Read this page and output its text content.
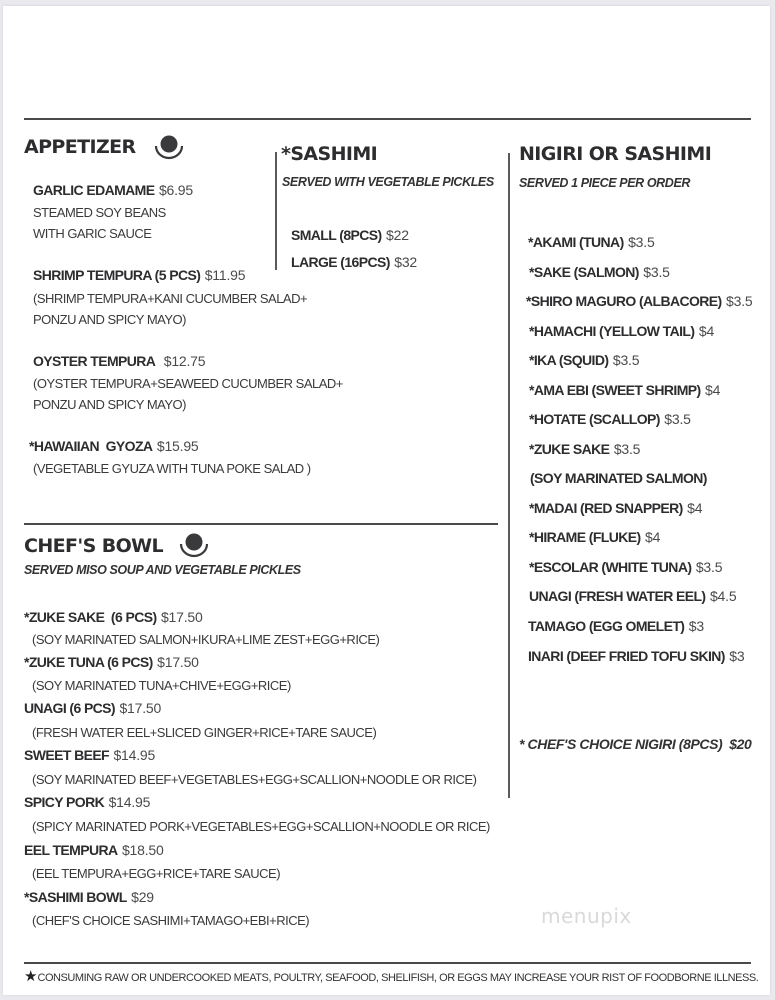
APPETIZER
GARLIC EDAMAME $6.95
STEAMED SOY BEANS
WITH GARIC SAUCE
SHRIMP TEMPURA (5 PCS) $11.95
(SHRIMP TEMPURA+KANI CUCUMBER SALAD+
PONZU AND SPICY MAYO)
OYSTER TEMPURA $12.75
(OYSTER TEMPURA+SEAWEED CUCUMBER SALAD+
PONZU AND SPICY MAYO)
*HAWAIIAN  GYOZA $15.95
(VEGETABLE GYUZA WITH TUNA POKE SALAD )
*SASHIMI
SERVED WITH VEGETABLE PICKLES
SMALL (8PCS) $22
LARGE (16PCS) $32
NIGIRI OR SASHIMI
SERVED 1 PIECE PER ORDER
*AKAMI (TUNA) $3.5
*SAKE (SALMON) $3.5
*SHIRO MAGURO (ALBACORE) $3.5
*HAMACHI (YELLOW TAIL) $4
*IKA (SQUID) $3.5
*AMA EBI (SWEET SHRIMP) $4
*HOTATE (SCALLOP) $3.5
*ZUKE SAKE $3.5
(SOY MARINATED SALMON)
*MADAI (RED SNAPPER) $4
*HIRAME (FLUKE) $4
*ESCOLAR (WHITE TUNA) $3.5
UNAGI (FRESH WATER EEL) $4.5
TAMAGO (EGG OMELET) $3
INARI (DEEF FRIED TOFU SKIN) $3
* CHEF'S CHOICE NIGIRI (8PCS)  $20
CHEF'S BOWL
SERVED MISO SOUP AND VEGETABLE PICKLES
*ZUKE SAKE  (6 PCS) $17.50
(SOY MARINATED SALMON+IKURA+LIME ZEST+EGG+RICE)
*ZUKE TUNA (6 PCS) $17.50
(SOY MARINATED TUNA+CHIVE+EGG+RICE)
UNAGI (6 PCS) $17.50
(FRESH WATER EEL+SLICED GINGER+RICE+TARE SAUCE)
SWEET BEEF $14.95
(SOY MARINATED BEEF+VEGETABLES+EGG+SCALLION+NOODLE OR RICE)
SPICY PORK $14.95
(SPICY MARINATED PORK+VEGETABLES+EGG+SCALLION+NOODLE OR RICE)
EEL TEMPURA $18.50
(EEL TEMPURA+EGG+RICE+TARE SAUCE)
*SASHIMI BOWL $29
(CHEF'S CHOICE SASHIMI+TAMAGO+EBI+RICE)	menupix
★CONSUMING RAW OR UNDERCOOKED MEATS, POULTRY, SEAFOOD, SHELIFISH, OR EGGS MAY INCREASE YOUR RIST OF FOODBORNE ILLNESS.
